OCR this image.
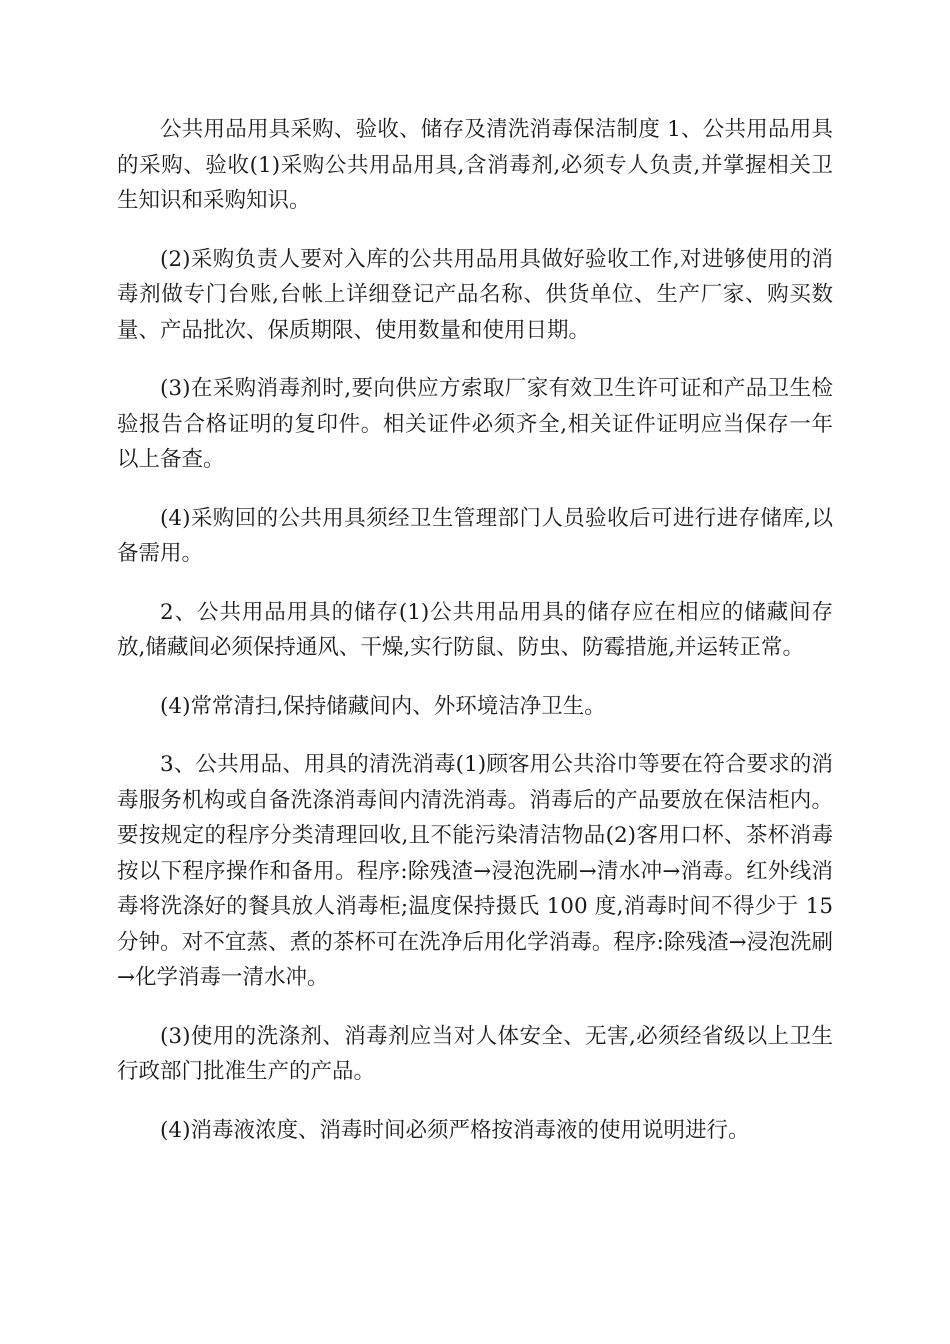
公共用品用具采购、验收、储存及清洗消毒保洁制度 1、公共用品用具的采购、验收(1)采购公共用品用具,含消毒剂,必须专人负责,并掌握相关卫生知识和采购知识。

(2)采购负责人要对入库的公共用品用具做好验收工作,对进够使用的消毒剂做专门台账,台帐上详细登记产品名称、供货单位、生产厂家、购买数量、产品批次、保质期限、使用数量和使用日期。

(3)在采购消毒剂时,要向供应方索取厂家有效卫生许可证和产品卫生检验报告合格证明的复印件。相关证件必须齐全,相关证件证明应当保存一年以上备查。

(4)采购回的公共用具须经卫生管理部门人员验收后可进行进存储库,以备需用。

2、公共用品用具的储存(1)公共用品用具的储存应在相应的储藏间存放,储藏间必须保持通风、干燥,实行防鼠、防虫、防霉措施,并运转正常。

(4)常常清扫,保持储藏间内、外环境洁净卫生。

3、公共用品、用具的清洗消毒(1)顾客用公共浴巾等要在符合要求的消毒服务机构或自备洗涤消毒间内清洗消毒。消毒后的产品要放在保洁柜内。要按规定的程序分类清理回收,且不能污染清洁物品(2)客用口杯、茶杯消毒按以下程序操作和备用。程序:除残渣→浸泡洗刷→清水冲→消毒。红外线消毒将洗涤好的餐具放人消毒柜;温度保持摄氏 100 度,消毒时间不得少于 15 分钟。对不宜蒸、煮的茶杯可在洗净后用化学消毒。程序:除残渣→浸泡洗刷→化学消毒一清水冲。

(3)使用的洗涤剂、消毒剂应当对人体安全、无害,必须经省级以上卫生行政部门批准生产的产品。

(4)消毒液浓度、消毒时间必须严格按消毒液的使用说明进行。
